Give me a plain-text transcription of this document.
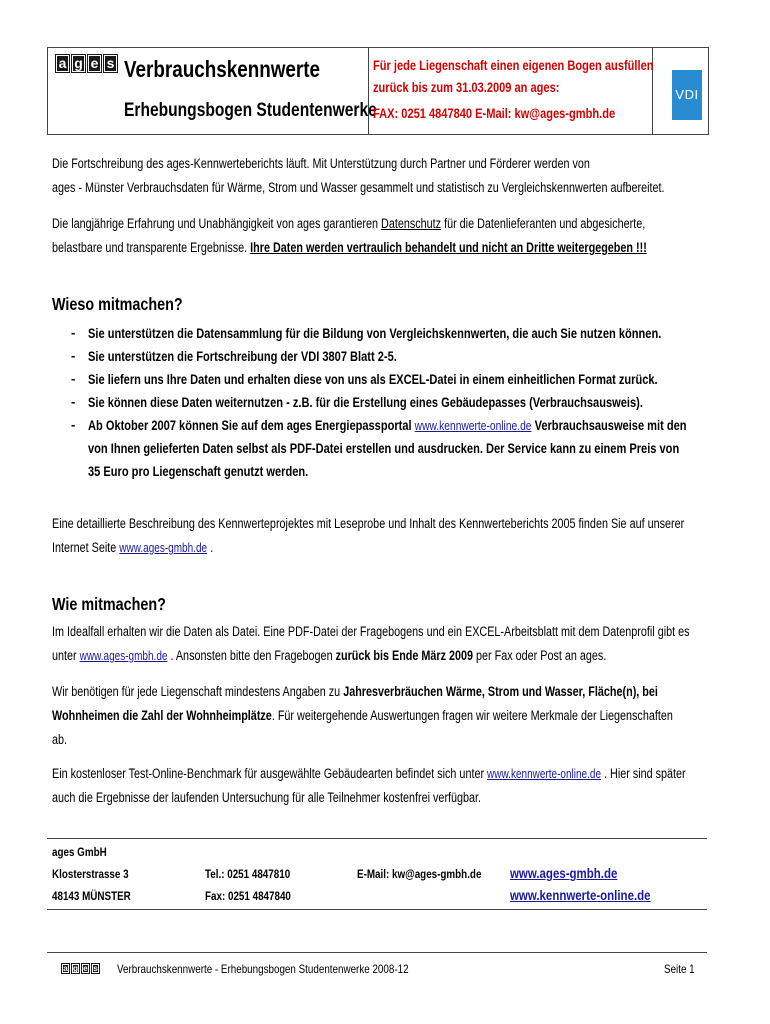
a g e s Verbrauchskennwerte
Erhebungsbogen Studentenwerke
Für jede Liegenschaft einen eigenen Bogen ausfüllen
zurück bis zum 31.03.2009 an ages:
FAX: 0251 4847840 E-Mail: kw@ages-gmbh.de
VDI
Die Fortschreibung des ages-Kennwerteberichts läuft. Mit Unterstützung durch Partner und Förderer werden von
ages - Münster Verbrauchsdaten für Wärme, Strom und Wasser gesammelt und statistisch zu Vergleichskennwerten aufbereitet.
Die langjährige Erfahrung und Unabhängigkeit von ages garantieren Datenschutz für die Datenlieferanten und abgesicherte,
belastbare und transparente Ergebnisse. Ihre Daten werden vertraulich behandelt und nicht an Dritte weitergegeben !!!
Wieso mitmachen?
- Sie unterstützen die Datensammlung für die Bildung von Vergleichskennwerten, die auch Sie nutzen können.
- Sie unterstützen die Fortschreibung der VDI 3807 Blatt 2-5.
- Sie liefern uns Ihre Daten und erhalten diese von uns als EXCEL-Datei in einem einheitlichen Format zurück.
- Sie können diese Daten weiternutzen - z.B. für die Erstellung eines Gebäudepasses (Verbrauchsausweis).
- Ab Oktober 2007 können Sie auf dem ages Energiepassportal www.kennwerte-online.de Verbrauchsausweise mit den
von Ihnen gelieferten Daten selbst als PDF-Datei erstellen und ausdrucken. Der Service kann zu einem Preis von
35 Euro pro Liegenschaft genutzt werden.
Eine detaillierte Beschreibung des Kennwerteprojektes mit Leseprobe und Inhalt des Kennwerteberichts 2005 finden Sie auf unserer
Internet Seite www.ages-gmbh.de .
Wie mitmachen?
Im Idealfall erhalten wir die Daten als Datei. Eine PDF-Datei der Fragebogens und ein EXCEL-Arbeitsblatt mit dem Datenprofil gibt es
unter www.ages-gmbh.de . Ansonsten bitte den Fragebogen zurück bis Ende März 2009 per Fax oder Post an ages.
Wir benötigen für jede Liegenschaft mindestens Angaben zu Jahresverbräuchen Wärme, Strom und Wasser, Fläche(n), bei
Wohnheimen die Zahl der Wohnheimplätze. Für weitergehende Auswertungen fragen wir weitere Merkmale der Liegenschaften
ab.
Ein kostenloser Test-Online-Benchmark für ausgewählte Gebäudearten befindet sich unter www.kennwerte-online.de . Hier sind später
auch die Ergebnisse der laufenden Untersuchung für alle Teilnehmer kostenfrei verfügbar.
ages GmbH
Klosterstrasse 3
48143 MÜNSTER
Tel.: 0251 4847810
Fax: 0251 4847840
E-Mail: kw@ages-gmbh.de www.ages-gmbh.de
www.kennwerte-online.de
a g e s Verbrauchskennwerte - Erhebungsbogen Studentenwerke 2008-12	Seite 1
